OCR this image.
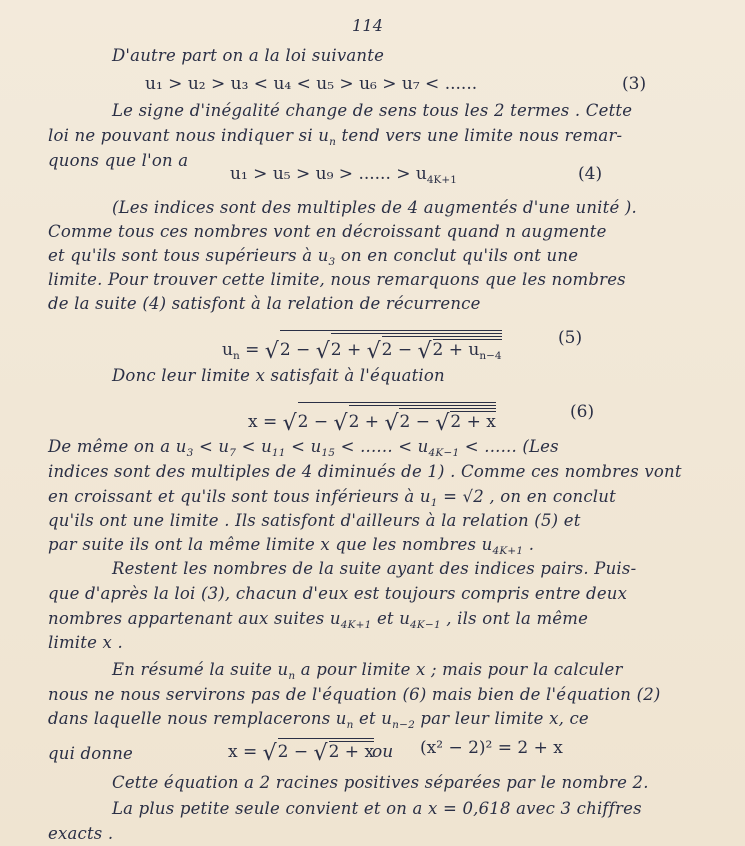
114
D'autre part on a la loi suivante
u₁ > u₂ > u₃ < u₄ < u₅ > u₆ > u₇ < ......	(3)
Le signe d'inégalité change de sens tous les 2 termes . Cette
loi ne pouvant nous indiquer si $u_n$ tend vers une limite nous remar-
quons que l'on a
u₁ > u₅ > u₉ > ...... > $u_{4K+1}$	(4)
(Les indices sont des multiples de 4 augmentés d'une unité ).
Comme tous ces nombres vont en décroissant quand n augmente
et qu'ils sont tous supérieurs à $u_3$ on en conclut qu'ils ont une
limite. Pour trouver cette limite, nous remarquons que les nombres
de la suite (4) satisfont à la relation de récurrence
$u_n = √2 - √2 + √2 - √2 + u_{n-4}$
(5)
Donc leur limite x satisfait à l'équation
x = √2 − √2 + √2 − √2 + x	(6)
De même on a $u_3 < u_7 < u_{11} < u_{15}$ < ...... < $u_{4K-1}$ < ...... (Les
indices sont des multiples de 4 diminués de 1) . Comme ces nombres vont
en croissant et qu'ils sont tous inférieurs à $u_1 = √2$ , on en conclut
qu'ils ont une limite . Ils satisfont d'ailleurs à la relation (5) et
par suite ils ont la même limite x que les nombres $u_{4K+1}$ .
Restent les nombres de la suite ayant des indices pairs. Puis-
que d'après la loi (3), chacun d'eux est toujours compris entre deux
nombres appartenant aux suites $u_{4K+1}$ et $u_{4K-1}$ , ils ont la même
limite x .
En résumé la suite $u_n$ a pour limite x ; mais pour la calculer
nous ne nous servirons pas de l'équation (6) mais bien de l'équation (2)
dans laquelle nous remplacerons $u_n$ et $u_{n-2}$ par leur limite x, ce
qui donne	x = √2 − √2 + x
ou (x² − 2)² = 2 + x
Cette équation a 2 racines positives séparées par le nombre 2.
La plus petite seule convient et on a x = 0,618 avec 3 chiffres
exacts .
